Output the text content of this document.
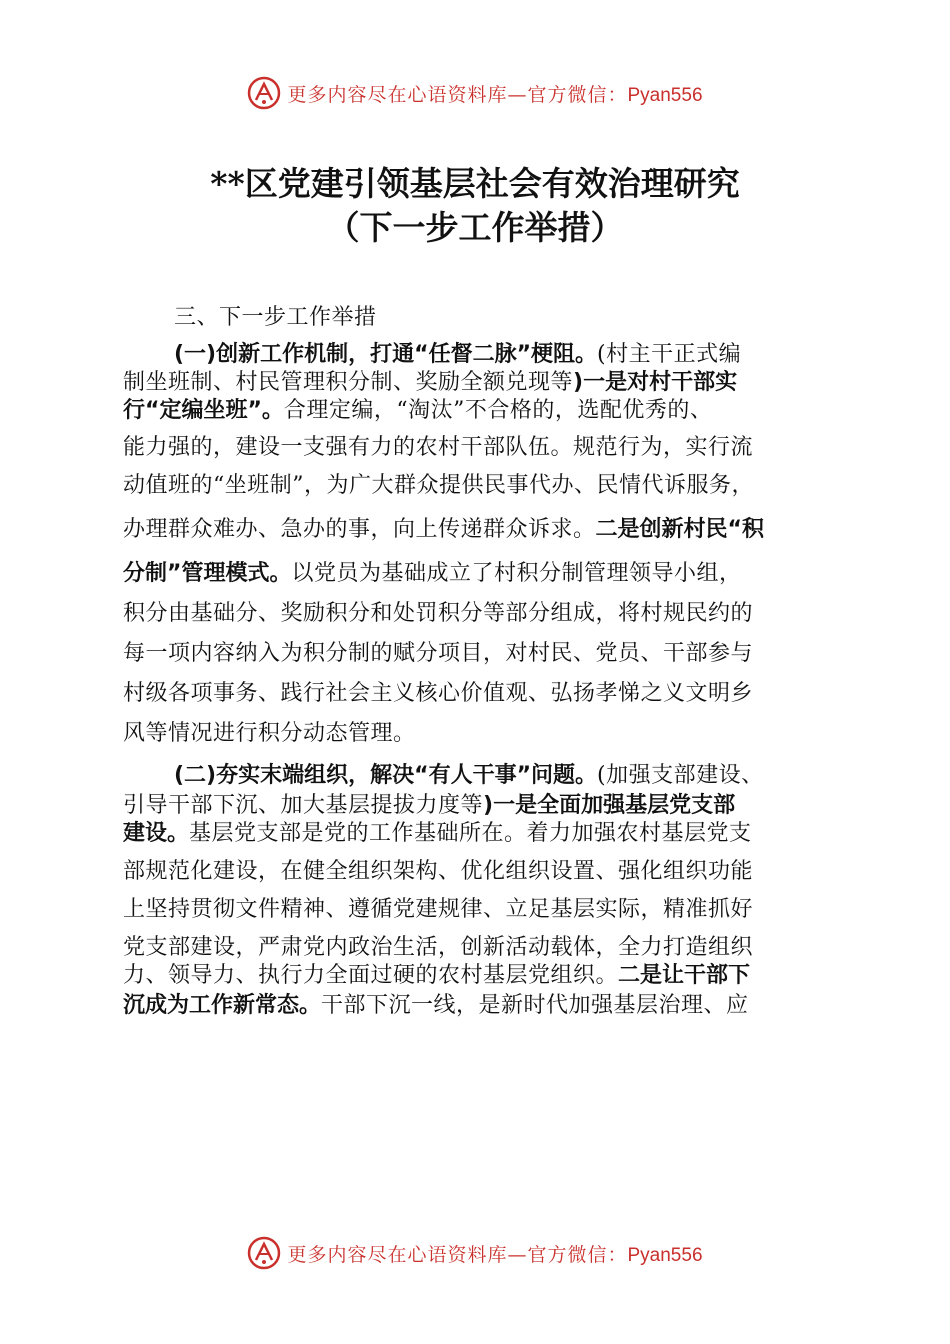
更多内容尽在心语资料库—官方微信：Pyan556
**区党建引领基层社会有效治理研究
（下一步工作举措）
三、下一步工作举措
(一)创新工作机制，打通“任督二脉”梗阻。(村主干正式编
制坐班制、村民管理积分制、奖励全额兑现等)一是对村干部实
行“定编坐班”。合理定编，“淘汰”不合格的，选配优秀的、
能力强的，建设一支强有力的农村干部队伍。规范行为，实行流
动值班的“坐班制”，为广大群众提供民事代办、民情代诉服务，
办理群众难办、急办的事，向上传递群众诉求。二是创新村民“积
分制”管理模式。以党员为基础成立了村积分制管理领导小组，
积分由基础分、奖励积分和处罚积分等部分组成，将村规民约的
每一项内容纳入为积分制的赋分项目，对村民、党员、干部参与
村级各项事务、践行社会主义核心价值观、弘扬孝悌之义文明乡
风等情况进行积分动态管理。
(二)夯实末端组织，解决“有人干事”问题。(加强支部建设、
引导干部下沉、加大基层提拔力度等)一是全面加强基层党支部
建设。基层党支部是党的工作基础所在。着力加强农村基层党支
部规范化建设，在健全组织架构、优化组织设置、强化组织功能
上坚持贯彻文件精神、遵循党建规律、立足基层实际，精准抓好
党支部建设，严肃党内政治生活，创新活动载体，全力打造组织
力、领导力、执行力全面过硬的农村基层党组织。二是让干部下
沉成为工作新常态。干部下沉一线，是新时代加强基层治理、应
更多内容尽在心语资料库—官方微信：Pyan556
